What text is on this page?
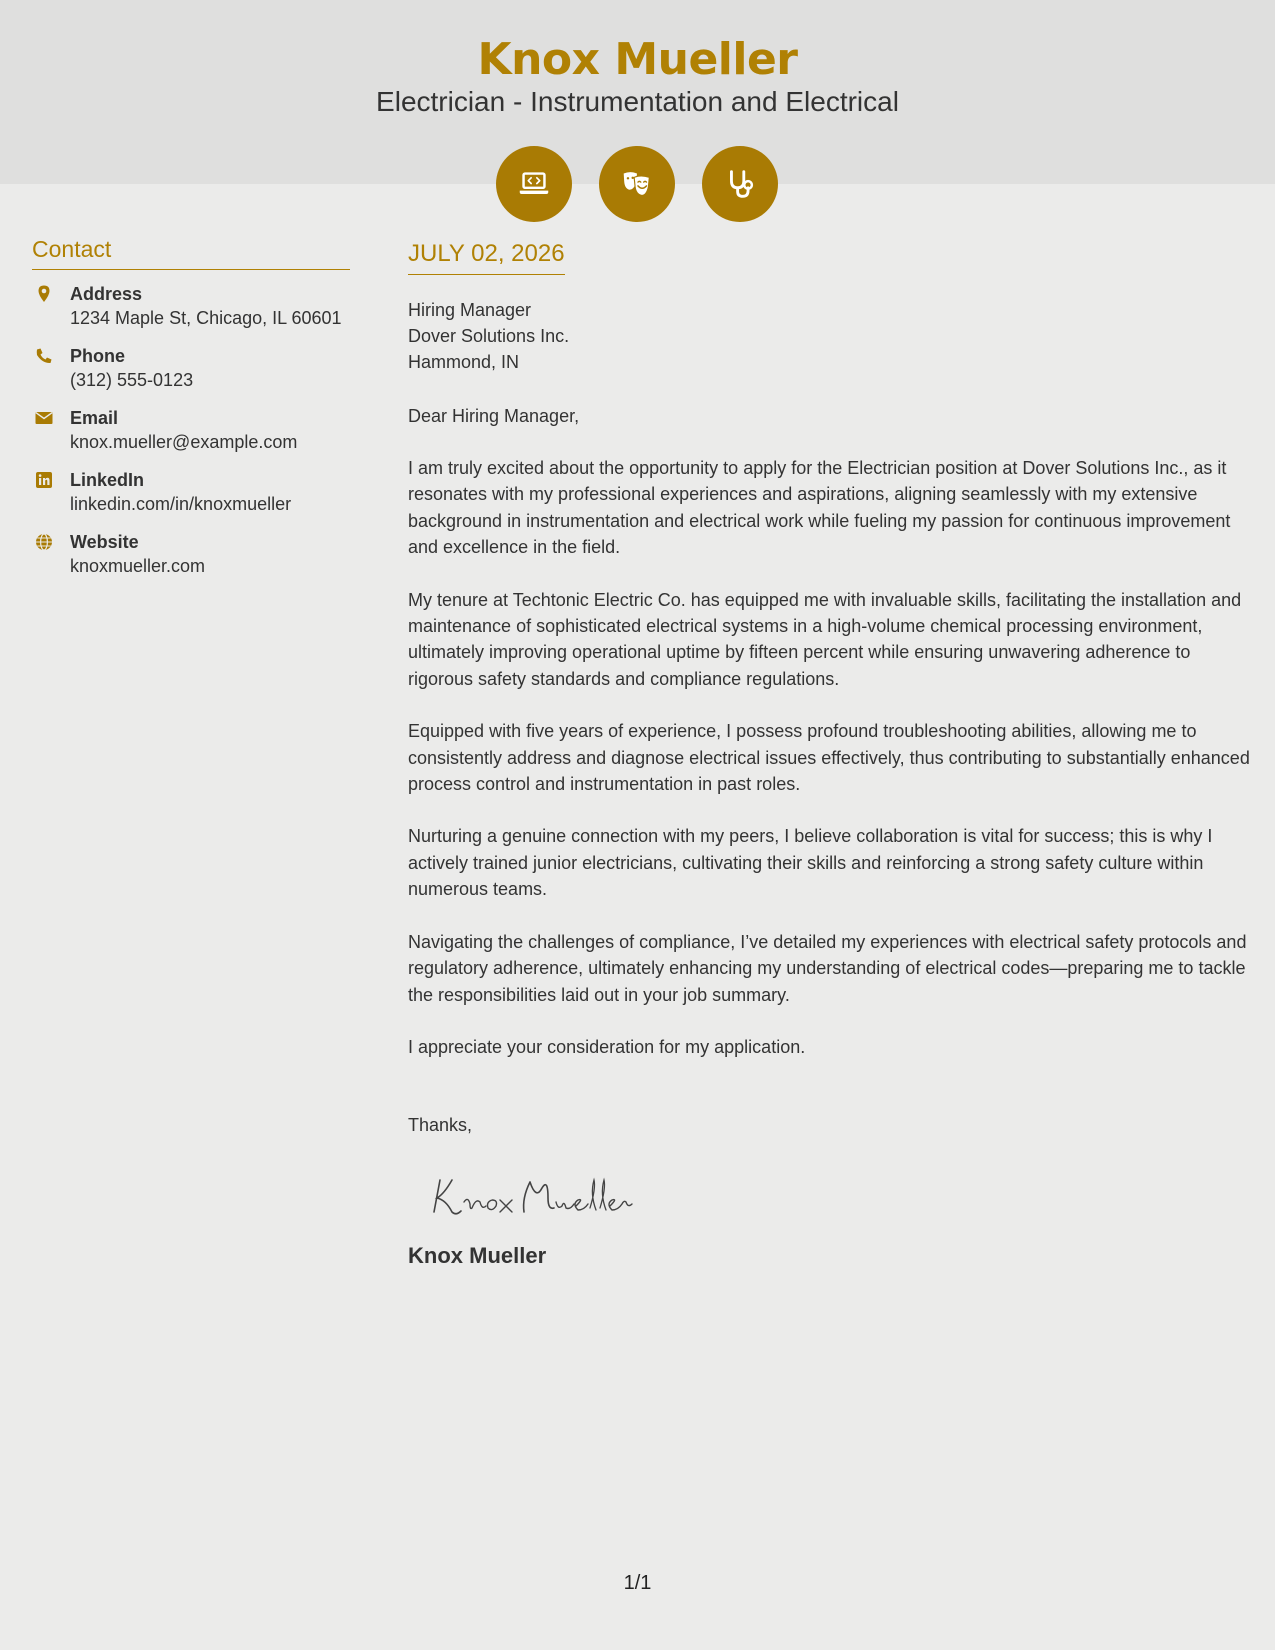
Knox Mueller
Electrician - Instrumentation and Electrical
Contact
Address
1234 Maple St, Chicago, IL 60601
Phone
(312) 555-0123
Email
knox.mueller@example.com
LinkedIn
linkedin.com/in/knoxmueller
Website
knoxmueller.com
JULY 02, 2026
Hiring Manager
Dover Solutions Inc.
Hammond, IN
Dear Hiring Manager,
I am truly excited about the opportunity to apply for the Electrician position at Dover Solutions Inc., as it resonates with my professional experiences and aspirations, aligning seamlessly with my extensive background in instrumentation and electrical work while fueling my passion for continuous improvement and excellence in the field.
My tenure at Techtonic Electric Co. has equipped me with invaluable skills, facilitating the installation and maintenance of sophisticated electrical systems in a high-volume chemical processing environment, ultimately improving operational uptime by fifteen percent while ensuring unwavering adherence to rigorous safety standards and compliance regulations.
Equipped with five years of experience, I possess profound troubleshooting abilities, allowing me to consistently address and diagnose electrical issues effectively, thus contributing to substantially enhanced process control and instrumentation in past roles.
Nurturing a genuine connection with my peers, I believe collaboration is vital for success; this is why I actively trained junior electricians, cultivating their skills and reinforcing a strong safety culture within numerous teams.
Navigating the challenges of compliance, I’ve detailed my experiences with electrical safety protocols and regulatory adherence, ultimately enhancing my understanding of electrical codes—preparing me to tackle the responsibilities laid out in your job summary.
I appreciate your consideration for my application.
Thanks,
Knox Mueller
1/1
